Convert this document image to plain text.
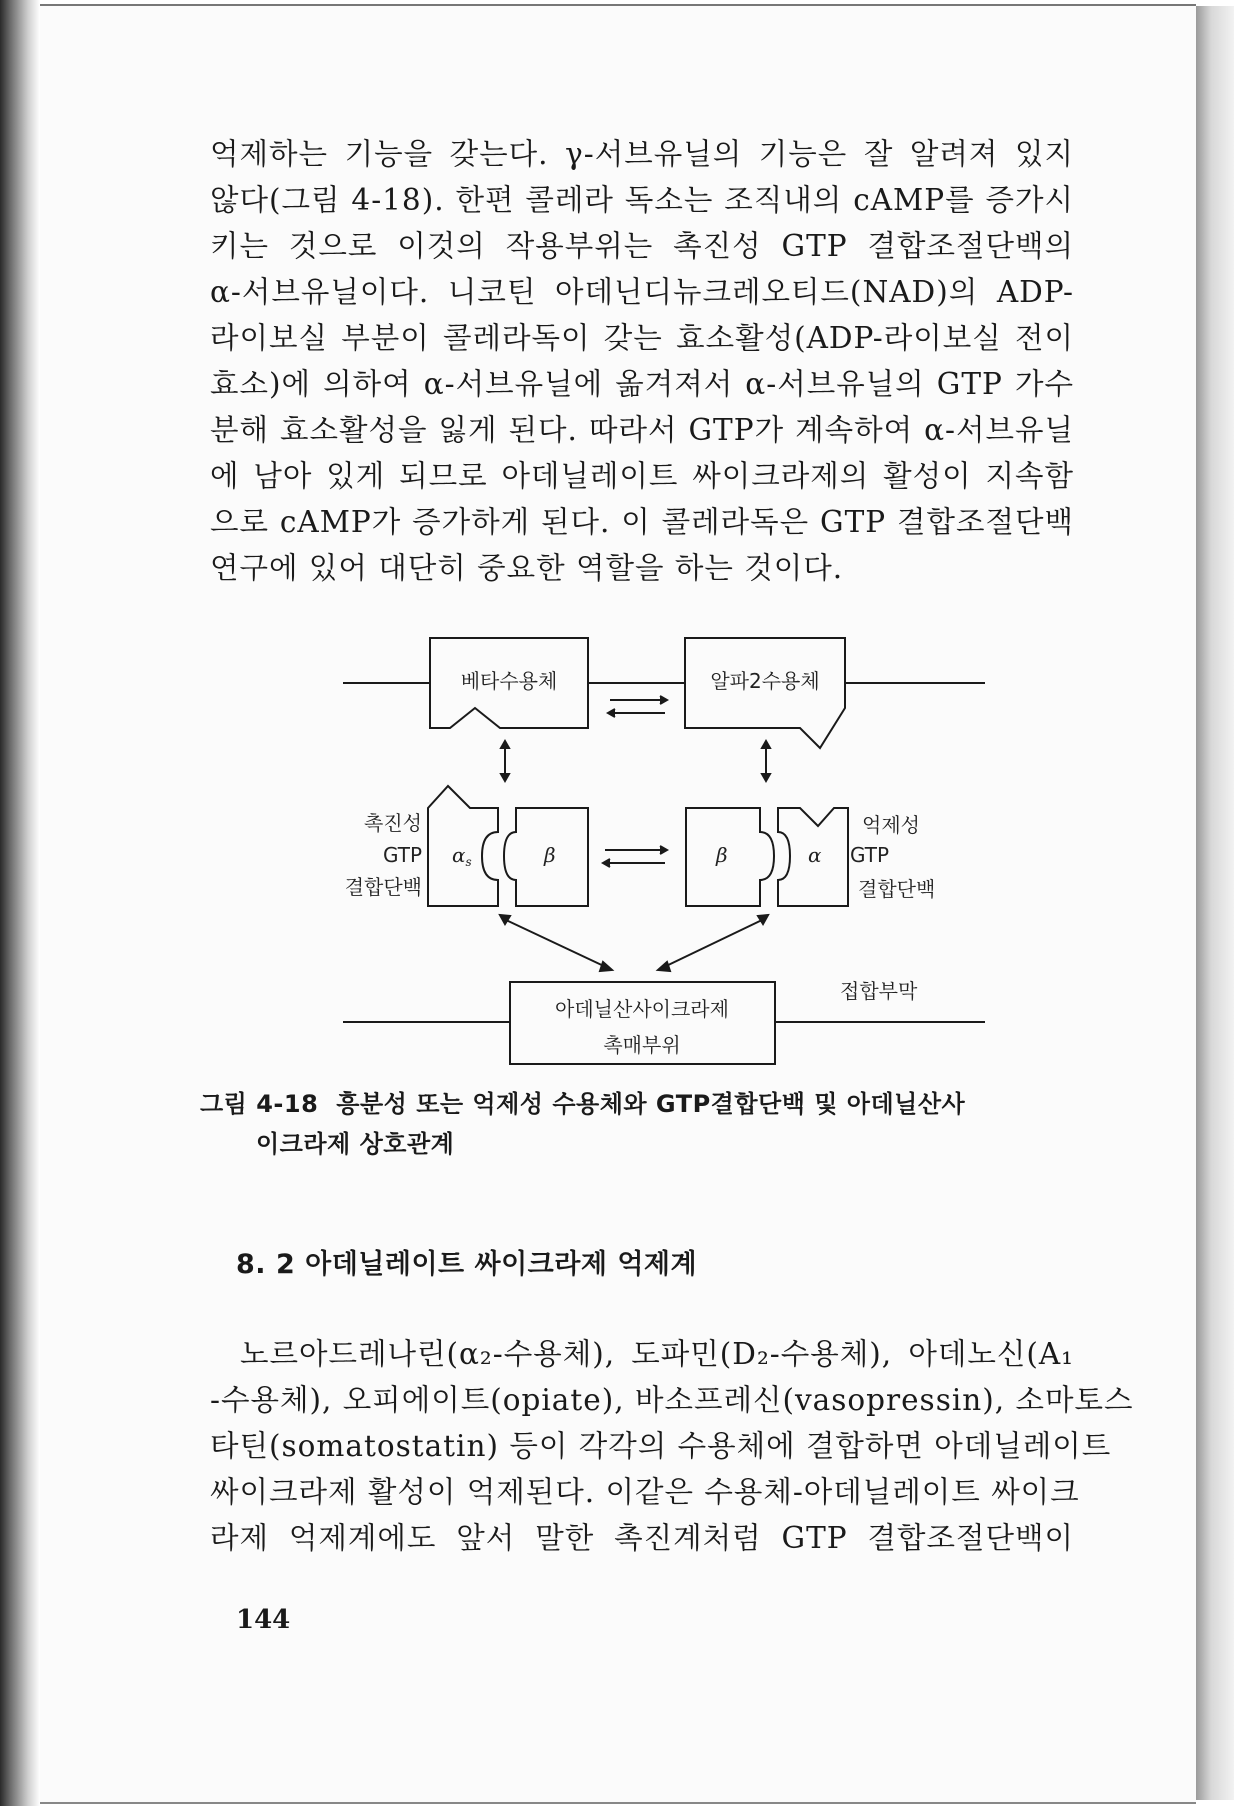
억제하는 기능을 갖는다. γ-서브유닐의 기능은 잘 알려져 있지
않다(그림 4-18). 한편 콜레라 독소는 조직내의 cAMP를 증가시
키는 것으로 이것의 작용부위는 촉진성 GTP 결합조절단백의
α-서브유닐이다. 니코틴 아데닌디뉴크레오티드(NAD)의 ADP-
라이보실 부분이 콜레라독이 갖는 효소활성(ADP-라이보실 전이
효소)에 의하여 α-서브유닐에 옮겨져서 α-서브유닐의 GTP 가수
분해 효소활성을 잃게 된다. 따라서 GTP가 계속하여 α-서브유닐
에 남아 있게 되므로 아데닐레이트 싸이크라제의 활성이 지속함
으로 cAMP가 증가하게 된다. 이 콜레라독은 GTP 결합조절단백
연구에 있어 대단히 중요한 역할을 하는 것이다.
베타수용체	알파2수용체
촉진성
GTP
결합단백
$\alpha_s$	β	β	α
억제성
GTP
결합단백
아데닐산사이크라제
촉매부위
접합부막
그림 4-18 흥분성 또는 억제성 수용체와 GTP결합단백 및 아데닐산사
이크라제 상호관계
8. 2 아데닐레이트 싸이크라제 억제계
노르아드레나린(α₂-수용체), 도파민(D₂-수용체), 아데노신(A₁
-수용체), 오피에이트(opiate), 바소프레신(vasopressin), 소마토스
타틴(somatostatin) 등이 각각의 수용체에 결합하면 아데닐레이트
싸이크라제 활성이 억제된다. 이같은 수용체-아데닐레이트 싸이크
라제 억제계에도 앞서 말한 촉진계처럼 GTP 결합조절단백이
144
